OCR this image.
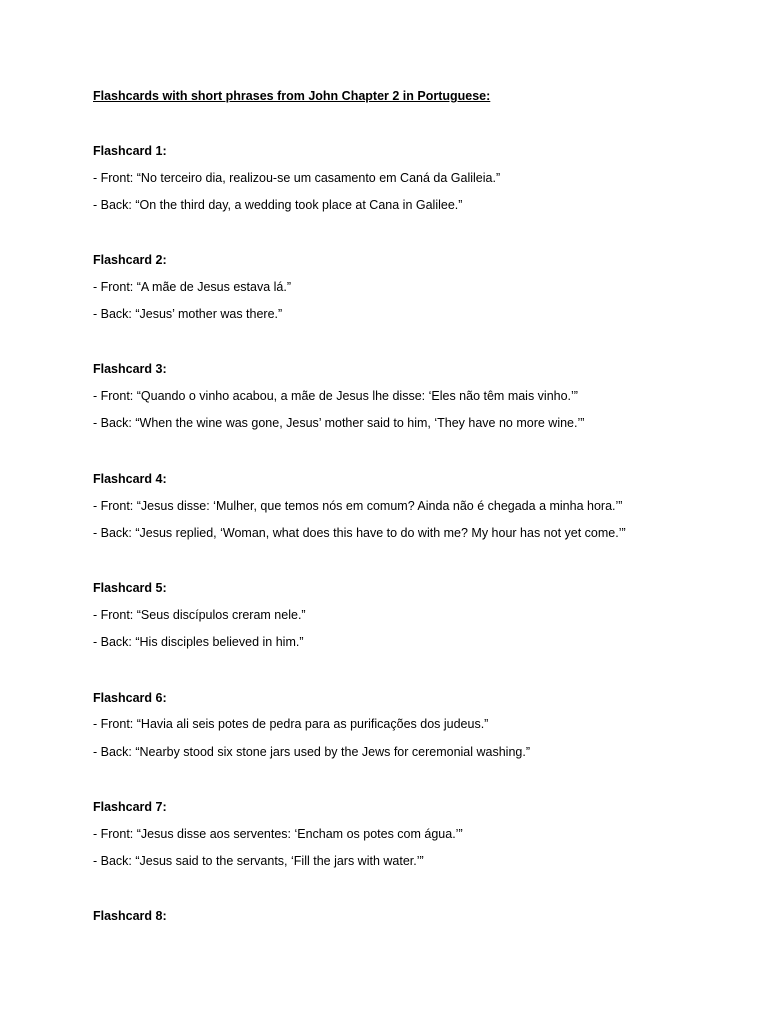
Flashcards with short phrases from John Chapter 2 in Portuguese:
Flashcard 1:
- Front: “No terceiro dia, realizou-se um casamento em Caná da Galileia.”
- Back: “On the third day, a wedding took place at Cana in Galilee.”
Flashcard 2:
- Front: “A mãe de Jesus estava lá.”
- Back: “Jesus’ mother was there.”
Flashcard 3:
- Front: “Quando o vinho acabou, a mãe de Jesus lhe disse: ‘Eles não têm mais vinho.’”
- Back: “When the wine was gone, Jesus’ mother said to him, ‘They have no more wine.’”
Flashcard 4:
- Front: “Jesus disse: ‘Mulher, que temos nós em comum? Ainda não é chegada a minha hora.’”
- Back: “Jesus replied, ‘Woman, what does this have to do with me? My hour has not yet come.’”
Flashcard 5:
- Front: “Seus discípulos creram nele.”
- Back: “His disciples believed in him.”
Flashcard 6:
- Front: “Havia ali seis potes de pedra para as purificações dos judeus.”
- Back: “Nearby stood six stone jars used by the Jews for ceremonial washing.”
Flashcard 7:
- Front: “Jesus disse aos serventes: ‘Encham os potes com água.’”
- Back: “Jesus said to the servants, ‘Fill the jars with water.’”
Flashcard 8:
